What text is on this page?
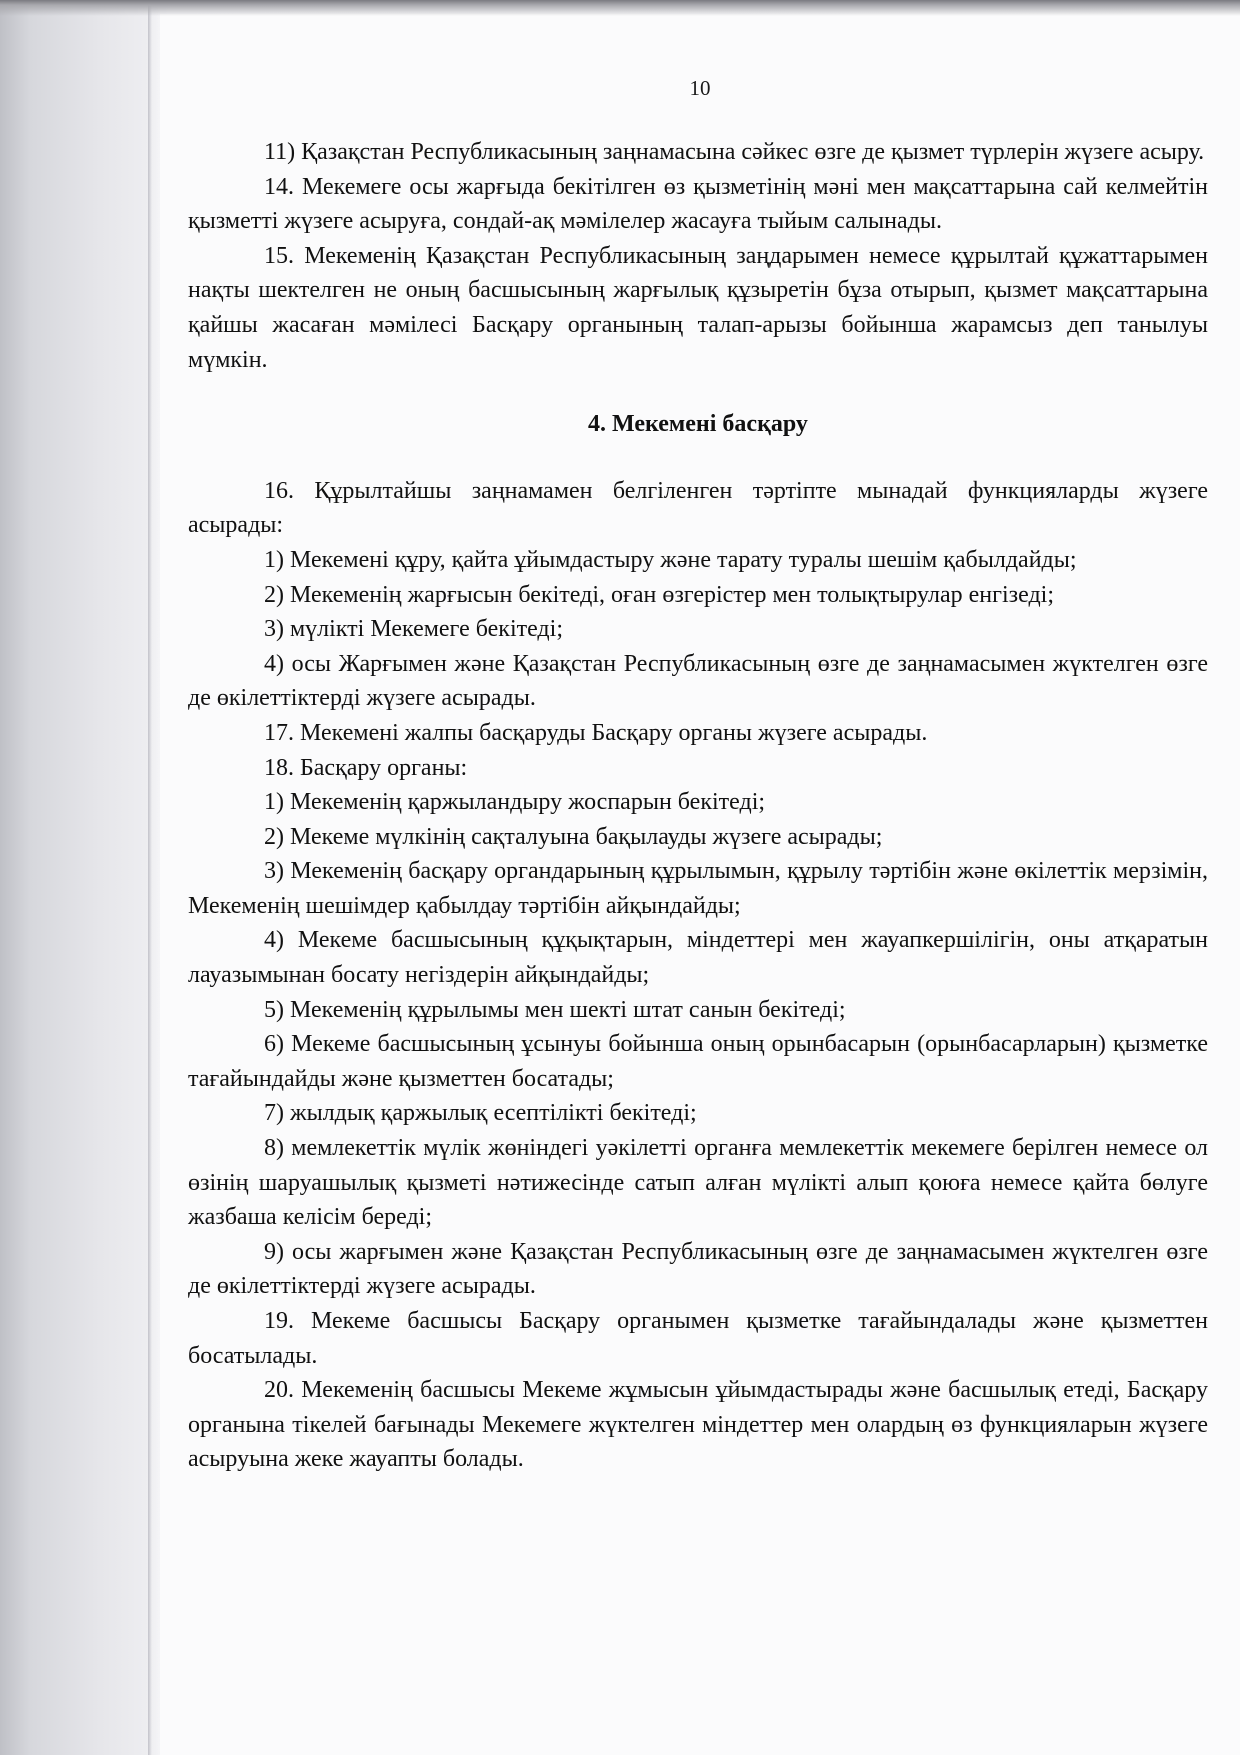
10

11) Қазақстан Республикасының заңнамасына сәйкес өзге де қызмет түрлерін жүзеге асыру.

14. Мекемеге осы жарғыда бекітілген өз қызметінің мәні мен мақсаттарына сай келмейтін қызметті жүзеге асыруға, сондай-ақ мәмілелер жасауға тыйым салынады.

15. Мекеменің Қазақстан Республикасының заңдарымен немесе құрылтай құжаттарымен нақты шектелген не оның басшысының жарғылық құзыретін бұза отырып, қызмет мақсаттарына қайшы жасаған мәмілесі Басқару органының талап-арызы бойынша жарамсыз деп танылуы мүмкін.

4. Мекемені басқару

16. Құрылтайшы заңнамамен белгіленген тәртіпте мынадай функцияларды жүзеге асырады:

1) Мекемені құру, қайта ұйымдастыру және тарату туралы шешім қабылдайды;

2) Мекеменің жарғысын бекітеді, оған өзгерістер мен толықтырулар енгізеді;

3) мүлікті Мекемеге бекітеді;

4) осы Жарғымен және Қазақстан Республикасының өзге де заңнамасымен жүктелген өзге де өкілеттіктерді жүзеге асырады.

17. Мекемені жалпы басқаруды Басқару органы жүзеге асырады.

18. Басқару органы:

1) Мекеменің қаржыландыру жоспарын бекітеді;

2) Мекеме мүлкінің сақталуына бақылауды жүзеге асырады;

3) Мекеменің басқару органдарының құрылымын, құрылу тәртібін және өкілеттік мерзімін, Мекеменің шешімдер қабылдау тәртібін айқындайды;

4) Мекеме басшысының құқықтарын, міндеттері мен жауапкершілігін, оны атқаратын лауазымынан босату негіздерін айқындайды;

5) Мекеменің құрылымы мен шекті штат санын бекітеді;

6) Мекеме басшысының ұсынуы бойынша оның орынбасарын (орынбасарларын) қызметке тағайындайды және қызметтен босатады;

7) жылдық қаржылық есептілікті бекітеді;

8) мемлекеттік мүлік жөніндегі уәкілетті органға мемлекеттік мекемеге берілген немесе ол өзінің шаруашылық қызметі нәтижесінде сатып алған мүлікті алып қоюға немесе қайта бөлуге жазбаша келісім береді;

9) осы жарғымен және Қазақстан Республикасының өзге де заңнамасымен жүктелген өзге де өкілеттіктерді жүзеге асырады.

19. Мекеме басшысы Басқару органымен қызметке тағайындалады және қызметтен босатылады.

20. Мекеменің басшысы Мекеме жұмысын ұйымдастырады және басшылық етеді, Басқару органына тікелей бағынады Мекемеге жүктелген міндеттер мен олардың өз функцияларын жүзеге асыруына жеке жауапты болады.
